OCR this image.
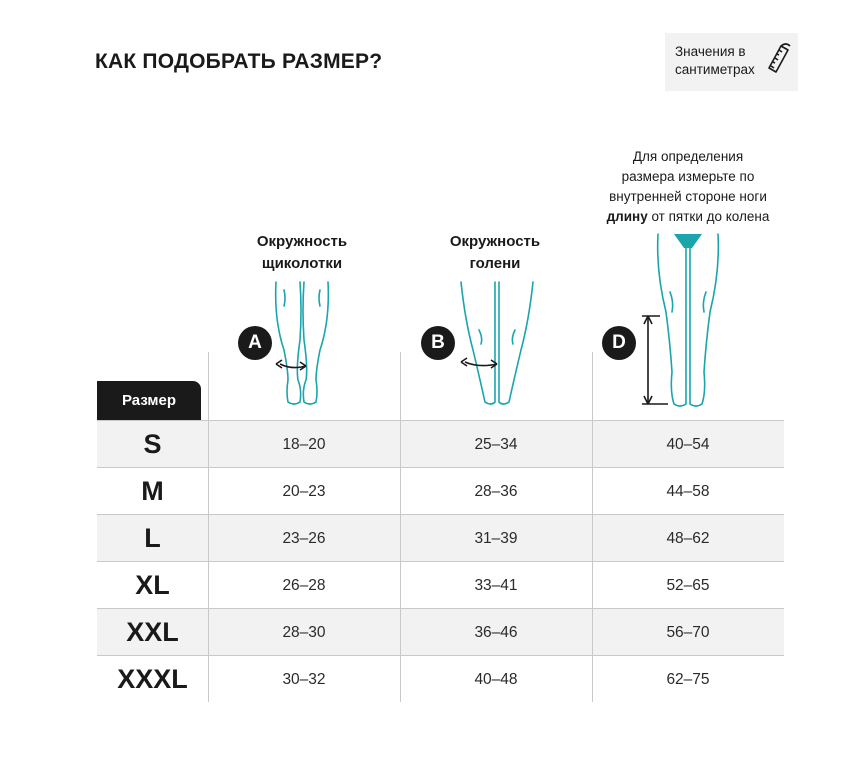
КАК ПОДОБРАТЬ РАЗМЕР?	Значения в
сантиметрах
Для определения
размера измерьте по
внутренней стороне ноги
длину от пятки до колена
Окружность
щиколотки
Окружность
голени
A	B	D
Размер
S	18–20	25–34	40–54
M	20–23	28–36	44–58
L	23–26	31–39	48–62
XL	26–28	33–41	52–65
XXL	28–30	36–46	56–70
XXXL	30–32	40–48	62–75
